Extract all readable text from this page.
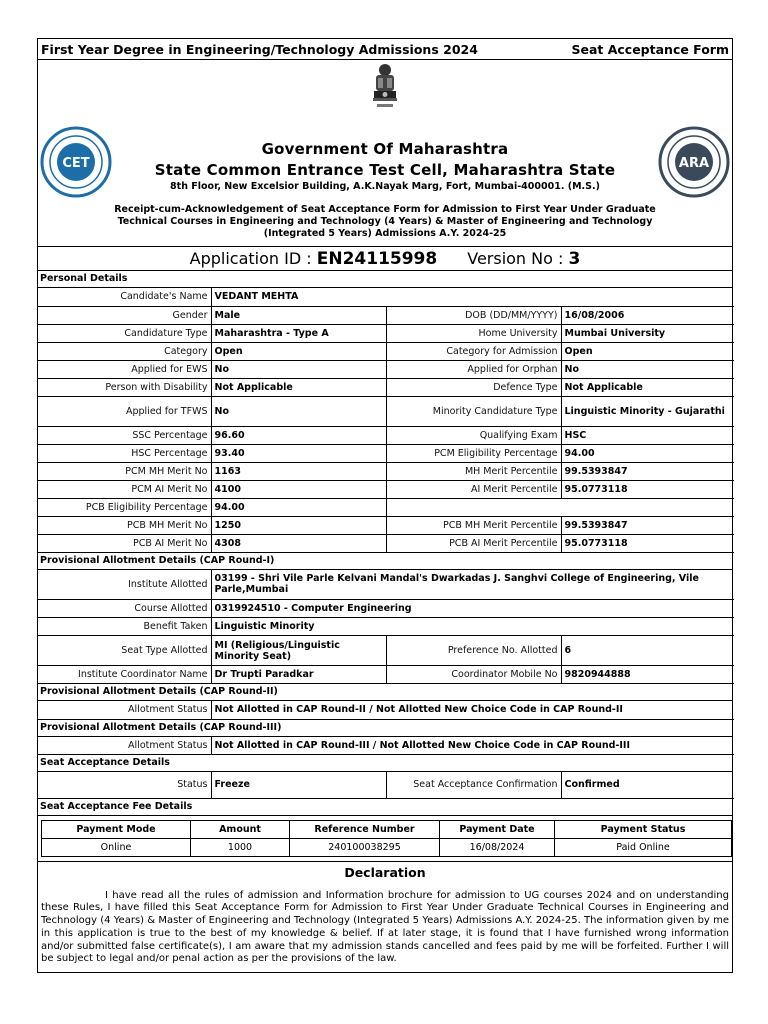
First Year Degree in Engineering/Technology Admissions 2024	Seat Acceptance Form
CET	ARA
Government Of Maharashtra
State Common Entrance Test Cell, Maharashtra State
8th Floor, New Excelsior Building, A.K.Nayak Marg, Fort, Mumbai-400001. (M.S.)
Receipt-cum-Acknowledgement of Seat Acceptance Form for Admission to First Year Under Graduate Technical Courses in Engineering and Technology (4 Years) & Master of Engineering and Technology (Integrated 5 Years) Admissions A.Y. 2024-25
Application ID :
EN24115998 Version No :
3
Personal Details
Candidate's Name	VEDANT MEHTA		
Gender	Male	DOB (DD/MM/YYYY)	16/08/2006
Candidature Type	Maharashtra - Type A	Home University	Mumbai University
Category	Open	Category for Admission	Open
Applied for EWS	No	Applied for Orphan	No
Person with Disability	Not Applicable	Defence Type	Not Applicable
Applied for TFWS	No	Minority Candidature Type	Linguistic Minority - Gujarathi
SSC Percentage	96.60	Qualifying Exam	HSC
HSC Percentage	93.40	PCM Eligibility Percentage	94.00
PCM MH Merit No	1163	MH Merit Percentile	99.5393847
PCM AI Merit No	4100	AI Merit Percentile	95.0773118
PCB Eligibility Percentage	94.00		
PCB MH Merit No	1250	PCB MH Merit Percentile	99.5393847
PCB AI Merit No	4308	PCB AI Merit Percentile	95.0773118
Provisional Allotment Details (CAP Round-I)
Institute Allotted	03199 - Shri Vile Parle Kelvani Mandal's Dwarkadas J. Sanghvi College of Engineering, Vile Parle,Mumbai		
Course Allotted	0319924510 - Computer Engineering		
Benefit Taken	Linguistic Minority		
Seat Type Allotted	MI (Religious/Linguistic Minority Seat)	Preference No. Allotted	6
Institute Coordinator Name	Dr Trupti Paradkar	Coordinator Mobile No	9820944888
Provisional Allotment Details (CAP Round-II)
Allotment Status	Not Allotted in CAP Round-II / Not Allotted New Choice Code in CAP Round-II
Provisional Allotment Details (CAP Round-III)
Allotment Status	Not Allotted in CAP Round-III / Not Allotted New Choice Code in CAP Round-III
Seat Acceptance Details
Status	Freeze	Seat Acceptance Confirmation	Confirmed
Seat Acceptance Fee Details
Payment Mode	Amount	Reference Number	Payment Date	Payment Status
Online	1000	240100038295	16/08/2024	Paid Online
Declaration
I have read all the rules of admission and Information brochure for admission to UG courses 2024 and on understanding these Rules, I have filled this Seat Acceptance Form for Admission to First Year Under Graduate Technical Courses in Engineering and Technology (4 Years) & Master of Engineering and Technology (Integrated 5 Years) Admissions A.Y. 2024-25. The information given by me in this application is true to the best of my knowledge & belief. If at later stage, it is found that I have furnished wrong information and/or submitted false certificate(s), I am aware that my admission stands cancelled and fees paid by me will be forfeited. Further I will be subject to legal and/or penal action as per the provisions of the law.
